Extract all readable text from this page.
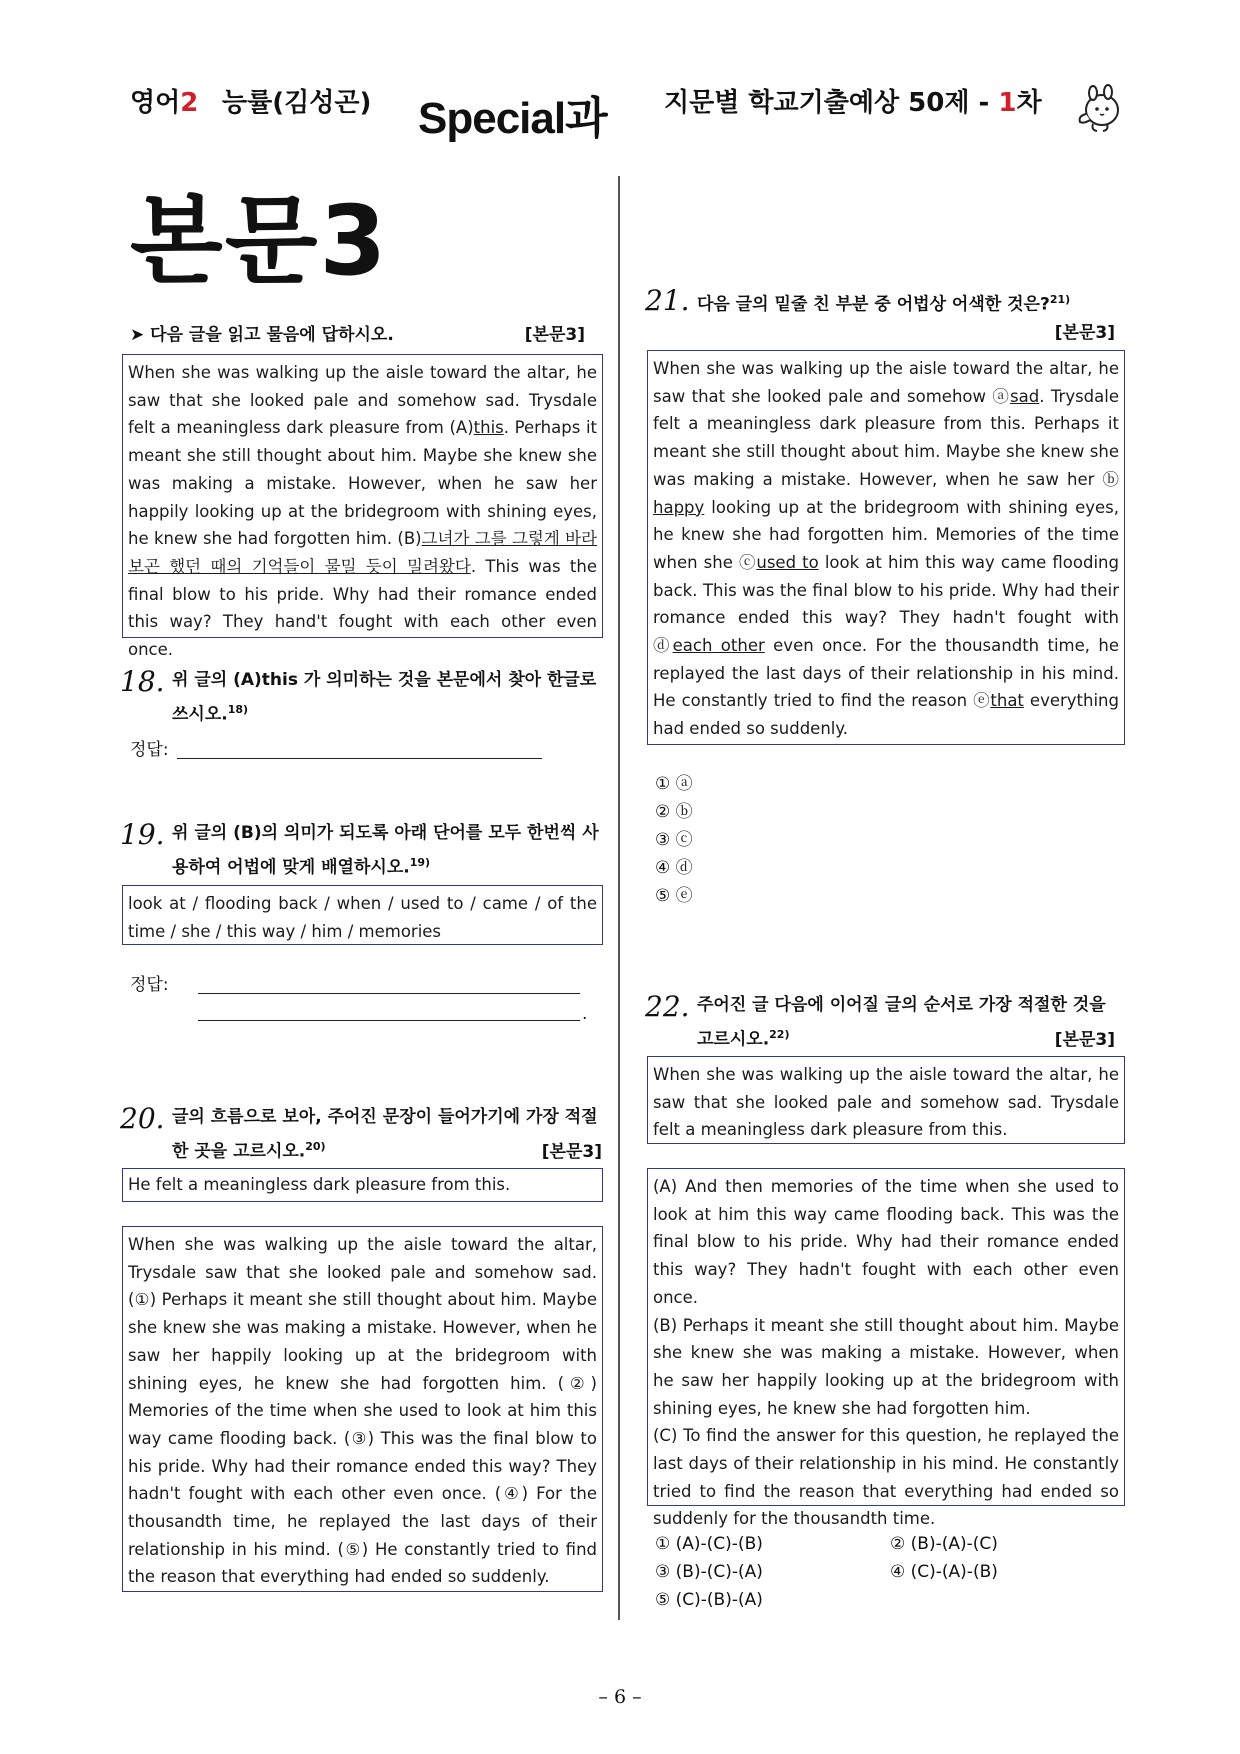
영어2 능률(김성곤) Special과 지문별 학교기출예상 50제 - 1차
본문3
➤ 다음 글을 읽고 물음에 답하시오.	[본문3]
When she was walking up the aisle toward the altar, he saw that she looked pale and somehow sad. Trysdale felt a meaningless dark pleasure from (A)this. Perhaps it meant she still thought about him. Maybe she knew she was making a mistake. However, when he saw her happily looking up at the bridegroom with shining eyes, he knew she had forgotten him. (B)그녀가 그를 그렇게 바라보곤 했던 때의 기억들이 물밀 듯이 밀려왔다. This was the final blow to his pride. Why had their romance ended this way? They hand't fought with each other even once.
18. 위 글의 (A)this 가 의미하는 것을 본문에서 찾아 한글로 쓰시오.$^{18)}$
정답:
19. 위 글의 (B)의 의미가 되도록 아래 단어를 모두 한번씩 사용하여 어법에 맞게 배열하시오.$^{19)}$
look at / flooding back / when / used to / came / of the time / she / this way / him / memories
정답:
.
20. 글의 흐름으로 보아, 주어진 문장이 들어가기에 가장 적절한 곳을 고르시오.$^{20)}$	[본문3]
He felt a meaningless dark pleasure from this.
When she was walking up the aisle toward the altar, Trysdale saw that she looked pale and somehow sad. (①) Perhaps it meant she still thought about him. Maybe she knew she was making a mistake. However, when he saw her happily looking up at the bridegroom with shining eyes, he knew she had forgotten him. (②) Memories of the time when she used to look at him this way came flooding back. (③) This was the final blow to his pride. Why had their romance ended this way? They hadn't fought with each other even once. (④) For the thousandth time, he replayed the last days of their relationship in his mind. (⑤) He constantly tried to find the reason that everything had ended so suddenly.
21. 다음 글의 밑줄 친 부분 중 어법상 어색한 것은?$^{21)}$
[본문3]
When she was walking up the aisle toward the altar, he saw that she looked pale and somehow ⓐsad. Trysdale felt a meaningless dark pleasure from this. Perhaps it meant she still thought about him. Maybe she knew she was making a mistake. However, when he saw her ⓑ happy looking up at the bridegroom with shining eyes, he knew she had forgotten him. Memories of the time when she ⓒused to look at him this way came flooding back. This was the final blow to his pride. Why had their romance ended this way? They hadn't fought with ⓓeach other even once. For the thousandth time, he replayed the last days of their relationship in his mind. He constantly tried to find the reason ⓔthat everything had ended so suddenly.
① ⓐ
② ⓑ
③ ⓒ
④ ⓓ
⑤ ⓔ
22. 주어진 글 다음에 이어질 글의 순서로 가장 적절한 것을 고르시오.$^{22)}$	[본문3]
When she was walking up the aisle toward the altar, he saw that she looked pale and somehow sad. Trysdale felt a meaningless dark pleasure from this.
(A) And then memories of the time when she used to look at him this way came flooding back. This was the final blow to his pride. Why had their romance ended this way? They hadn't fought with each other even once.
(B) Perhaps it meant she still thought about him. Maybe she knew she was making a mistake. However, when he saw her happily looking up at the bridegroom with shining eyes, he knew she had forgotten him.
(C) To find the answer for this question, he replayed the last days of their relationship in his mind. He constantly tried to find the reason that everything had ended so suddenly for the thousandth time.
① (A)-(C)-(B)	② (B)-(A)-(C)
③ (B)-(C)-(A)	④ (C)-(A)-(B)
⑤ (C)-(B)-(A)
– 6 –
